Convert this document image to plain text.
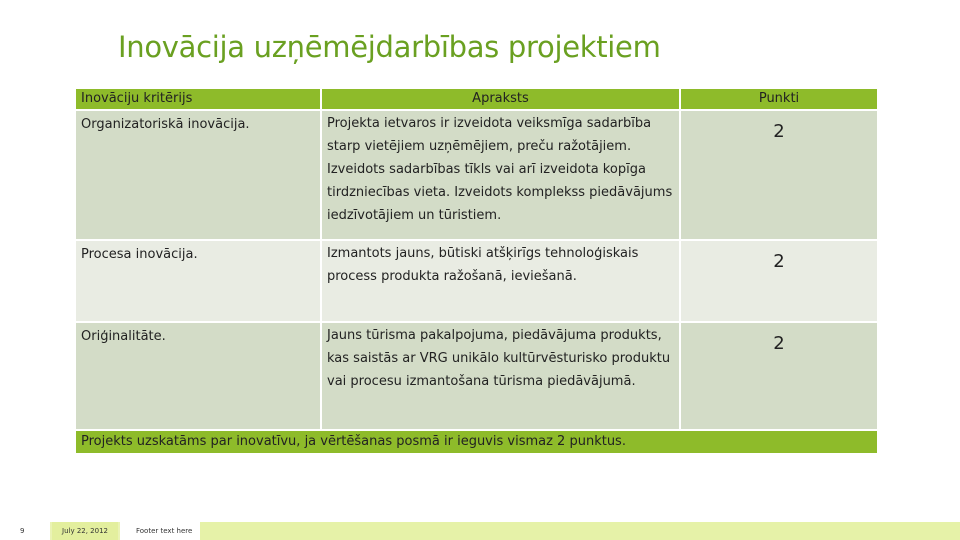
Inovācija uzņēmējdarbības projektiem
Inovāciju kritērijs	Apraksts	Punkti
Organizatoriskā inovācija.	Projekta ietvaros ir izveidota veiksmīga sadarbība starp vietējiem uzņēmējiem, preču ražotājiem. Izveidots sadarbības tīkls vai arī izveidota kopīga tirdzniecības vieta. Izveidots komplekss piedāvājums iedzīvotājiem un tūristiem.	2
Procesa inovācija.	Izmantots jauns, būtiski atšķirīgs tehnoloģiskais process produkta ražošanā, ieviešanā.	2
Oriģinalitāte.	Jauns tūrisma pakalpojuma, piedāvājuma produkts, kas saistās ar VRG unikālo kultūrvēsturisko produktu vai procesu izmantošana tūrisma piedāvājumā.	2
Projekts uzskatāms par inovatīvu, ja vērtēšanas posmā ir ieguvis vismaz 2 punktus.		
9	July 22, 2012	Footer text here
